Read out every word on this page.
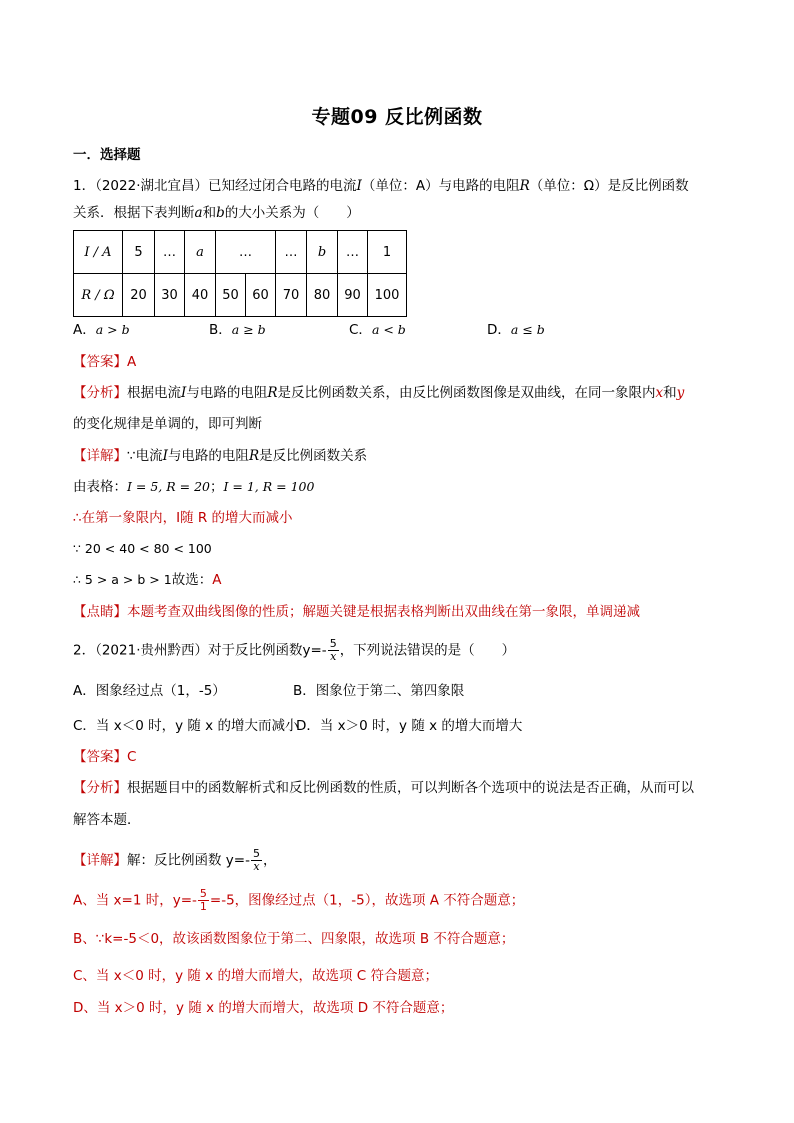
专题09 反比例函数
一．选择题
1．（2022·湖北宜昌）已知经过闭合电路的电流I（单位：A）与电路的电阻R（单位：Ω）是反比例函数
关系．根据下表判断a和b的大小关系为（　　）
I / A	5	…	a	…		…	b	…	1
R / Ω	20	30	40	50	60	70	80	90	100
A．a > b	B．a ≥ b	C．a < b	D．a ≤ b
【答案】A
【分析】根据电流I与电路的电阻R是反比例函数关系，由反比例函数图像是双曲线，在同一象限内x和y
的变化规律是单调的，即可判断
【详解】∵电流I与电路的电阻R是反比例函数关系
由表格：I = 5, R = 20；I = 1, R = 100
∴在第一象限内，I随 R 的增大而减小
∵ 20 < 40 < 80 < 100
∴ 5 > a > b > 1故选：A
【点睛】本题考查双曲线图像的性质；解题关键是根据表格判断出双曲线在第一象限，单调递减
2．（2021·贵州黔西）对于反比例函数$y=- \frac{5}{x}$ ，下列说法错误的是（　　）
A．图象经过点（1，-5）	B．图象位于第二、第四象限
C．当 x＜0 时，y 随 x 的增大而减小
D．当 x＞0 时，y 随 x 的增大而增大
【答案】C
【分析】根据题目中的函数解析式和反比例函数的性质，可以判断各个选项中的说法是否正确，从而可以
解答本题．
【详解】解：反比例函数 $y=- \frac{5}{x}$ ，
A、当 x=1 时，$y=- \frac{5}{1} =-5$，图像经过点（1，-5），故选项 A 不符合题意；
B、∵k=-5＜0，故该函数图象位于第二、四象限，故选项 B 不符合题意；
C、当 x＜0 时，y 随 x 的增大而增大，故选项 C 符合题意；
D、当 x＞0 时，y 随 x 的增大而增大，故选项 D 不符合题意；
